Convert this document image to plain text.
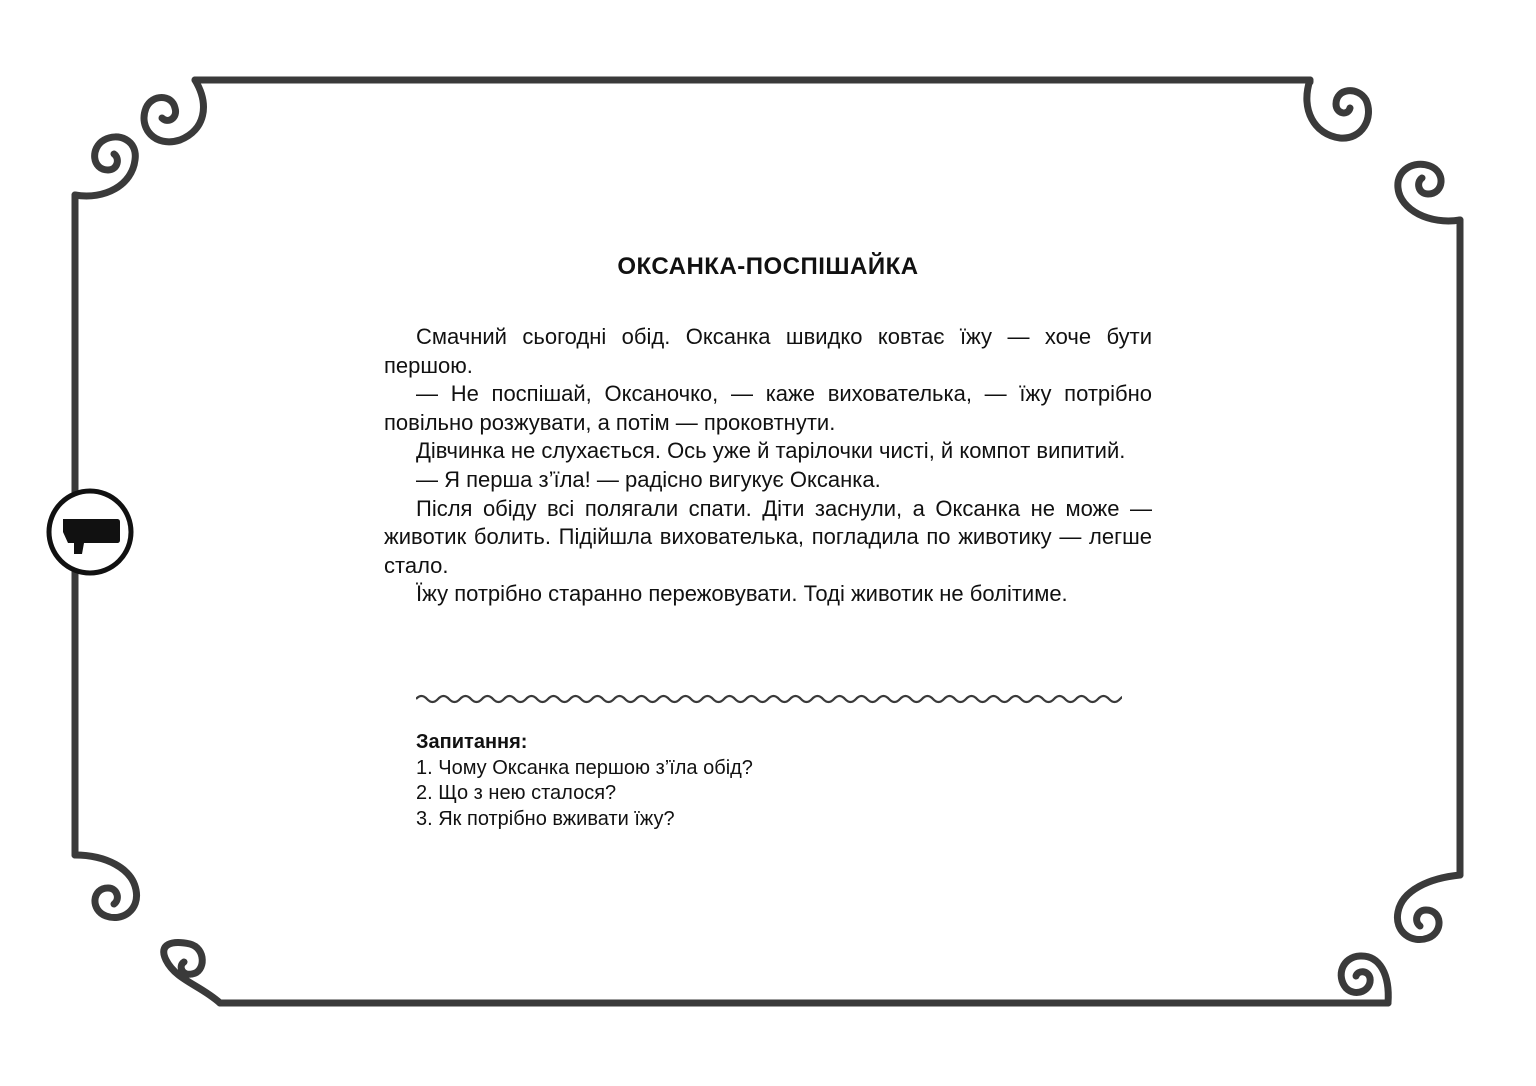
ОКСАНКА-ПОСПІШАЙКА

Смачний сьогодні обід. Оксанка швидко ковтає їжу — хоче бути першою.

— Не поспішай, Оксаночко, — каже вихователька, — їжу потрібно повільно розжувати, а потім — проковтнути.

Дівчинка не слухається. Ось уже й тарілочки чисті, й компот випитий.

— Я перша з’їла! — радісно вигукує Оксанка.

Після обіду всі полягали спати. Діти заснули, а Оксанка не може — животик болить. Підійшла вихователька, погладила по животику — легше стало.

Їжу потрібно старанно пережовувати. Тоді животик не болітиме.

Запитання:

1. Чому Оксанка першою з’їла обід?
2. Що з нею сталося?
3. Як потрібно вживати їжу?
